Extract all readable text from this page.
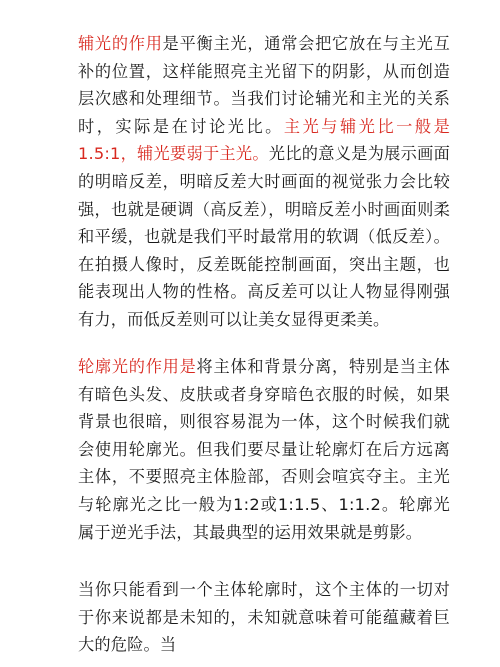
辅光的作用是平衡主光，通常会把它放在与主光互补的位置，这样能照亮主光留下的阴影，从而创造层次感和处理细节。当我们讨论辅光和主光的关系时，实际是在讨论光比。主光与辅光比一般是1.5:1，辅光要弱于主光。光比的意义是为展示画面的明暗反差，明暗反差大时画面的视觉张力会比较强，也就是硬调（高反差），明暗反差小时画面则柔和平缓，也就是我们平时最常用的软调（低反差）。在拍摄人像时，反差既能控制画面，突出主题，也能表现出人物的性格。高反差可以让人物显得刚强有力，而低反差则可以让美女显得更柔美。

轮廓光的作用是将主体和背景分离，特别是当主体有暗色头发、皮肤或者身穿暗色衣服的时候，如果背景也很暗，则很容易混为一体，这个时候我们就会使用轮廓光。但我们要尽量让轮廓灯在后方远离主体，不要照亮主体脸部，否则会喧宾夺主。主光与轮廓光之比一般为1:2或1:1.5、1:1.2。轮廓光属于逆光手法，其最典型的运用效果就是剪影。

当你只能看到一个主体轮廓时，这个主体的一切对于你来说都是未知的，未知就意味着可能蕴藏着巨大的危险。当
